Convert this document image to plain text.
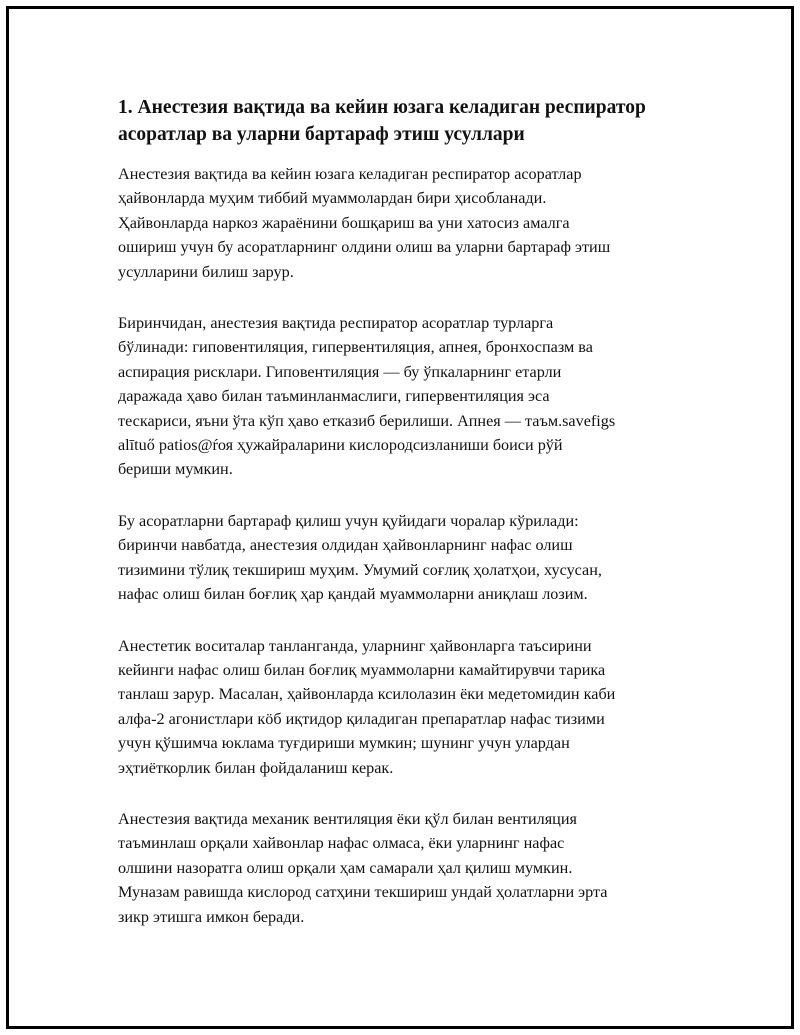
1. Анестезия вақтида ва кейин юзага келадиган респиратор асоратлар ва уларни бартараф этиш усуллари

Анестезия вақтида ва кейин юзага келадиган респиратор асоратлар
ҳайвонларда муҳим тиббий муаммолардан бири ҳисобланади.
Ҳайвонларда наркоз жараёнини бошқариш ва уни хатосиз амалга
ошириш учун бу асоратларнинг олдини олиш ва уларни бартараф этиш
усулларини билиш зарур.

Биринчидан, анестезия вақтида респиратор асоратлар турларга
бўлинади: гиповентиляция, гипервентиляция, апнея, бронхоспазм ва
aспирация рисклари. Гиповентиляция — бу ўпкаларнинг етарли
даражада ҳаво билан таъминланмаслиги, гипервентиляция эса
тескариси, яъни ўта кўп ҳаво етказиб берилиши. Апнея — таъм.savefigs
alītuő patios@ŕоя ҳужайраларини кислородсизланиши боиси рўй
бериши мумкин.

Бу асоратларни бартараф қилиш учун қуйидаги чоралар кўрилади:
биринчи навбатда, анестезия олдидан ҳайвонларнинг нафас олиш
тизимини тўлиқ текшириш муҳим. Умумий соғлиқ ҳолатҳои, хусусан,
нафас олиш билан боғлиқ ҳар қандай муаммоларни аниқлаш лозим.

Анестетик воситалар танланганда, уларнинг ҳайвонларга таъсирини
кейинги нафас олиш билан боғлиқ муаммоларни камайтирувчи тарика
танлаш зарур. Масалан, ҳайвонларда ксилолазин ёки медетомидин каби
алфа-2 агонистлари кӧб иқтидор қиладиган препаратлар нафас тизими
учун қўшимча юклама туғдириши мумкин; шунинг учун улардан
эҳтиёткорлик билан фойдаланиш керак.

Анестезия вақтида механик вентиляция ёки қўл билан вентиляция
таъминлаш орқали хайвонлар нафас олмаса, ёки уларнинг нафас
олшини назоратга олиш орқали ҳам самарали ҳал қилиш мумкин.
Муназам равишда кислород сатҳини текшириш ундай ҳолатларни эрта
зикр этишга имкон беради.
